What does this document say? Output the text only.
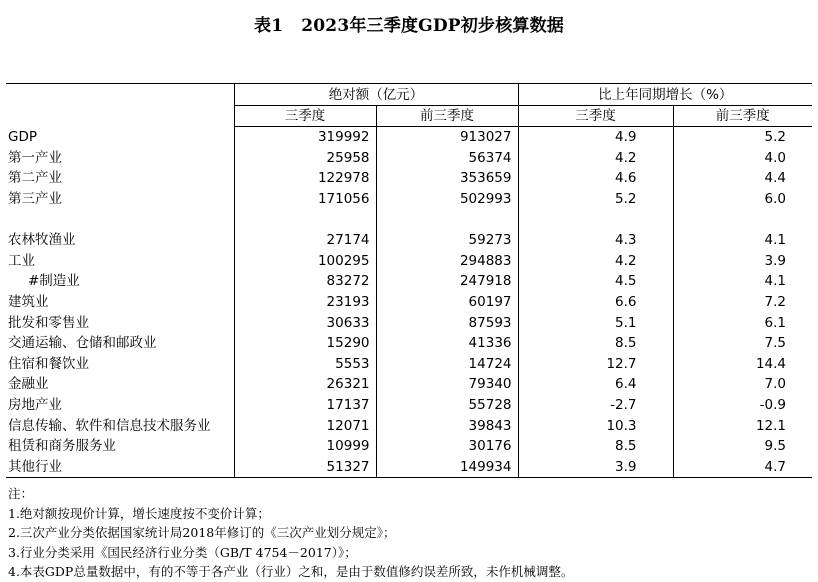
表1 2023年三季度GDP初步核算数据
	绝对额（亿元）		比上年同期增长（%）	
	三季度	前三季度	三季度	前三季度
GDP	319992	913027	4.9	5.2
第一产业	25958	56374	4.2	4.0
第二产业	122978	353659	4.6	4.4
第三产业	171056	502993	5.2	6.0

农林牧渔业	27174	59273	4.3	4.1
工业	100295	294883	4.2	3.9
#制造业	83272	247918	4.5	4.1
建筑业	23193	60197	6.6	7.2
批发和零售业	30633	87593	5.1	6.1
交通运输、仓储和邮政业	15290	41336	8.5	7.5
住宿和餐饮业	5553	14724	12.7	14.4
金融业	26321	79340	6.4	7.0
房地产业	17137	55728	-2.7	-0.9
信息传输、软件和信息技术服务业	12071	39843	10.3	12.1
租赁和商务服务业	10999	30176	8.5	9.5
其他行业	51327	149934	3.9	4.7
注：
1.绝对额按现价计算，增长速度按不变价计算；
2.三次产业分类依据国家统计局2018年修订的《三次产业划分规定》；
3.行业分类采用《国民经济行业分类（GB/T 4754－2017）》；
4.本表GDP总量数据中，有的不等于各产业（行业）之和，是由于数值修约误差所致，未作机械调整。
